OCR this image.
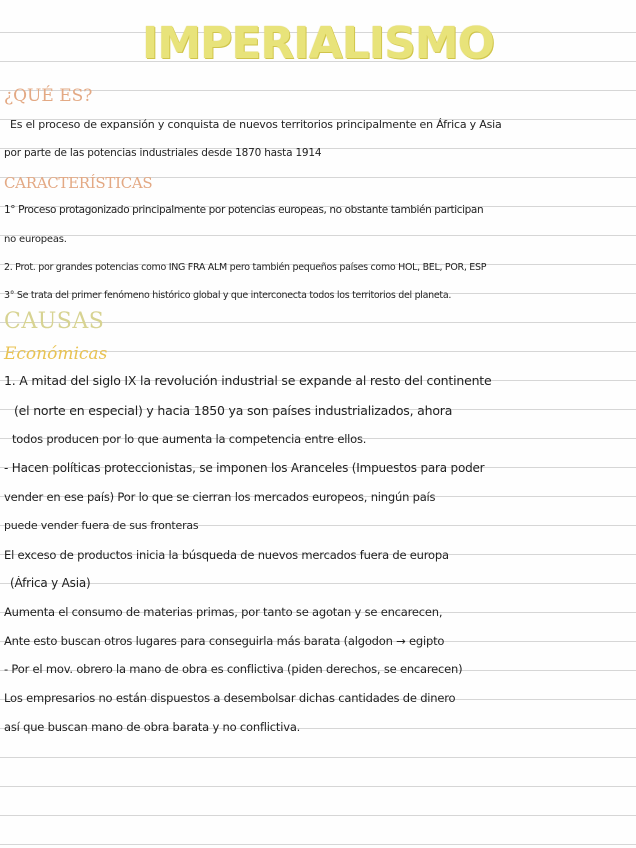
IMPERIALISMO
¿QUÉ ES?
Es el proceso de expansión y conquista de nuevos territorios principalmente en África y Asia
por parte de las potencias industriales desde 1870 hasta 1914
CARACTERÍSTICAS
1° Proceso protagonizado principalmente por potencias europeas, no obstante también participan
no europeas.
2. Prot. por grandes potencias como ING FRA ALM pero también pequeños países como HOL, BEL, POR, ESP
3° Se trata del primer fenómeno histórico global y que interconecta todos los territorios del planeta.
CAUSAS
Económicas
1. A mitad del siglo IX la revolución industrial se expande al resto del continente
(el norte en especial) y hacia 1850 ya son países industrializados, ahora
todos producen por lo que aumenta la competencia entre ellos.
- Hacen políticas proteccionistas, se imponen los Aranceles (Impuestos para poder
vender en ese país) Por lo que se cierran los mercados europeos, ningún país
puede vender fuera de sus fronteras
El exceso de productos inicia la búsqueda de nuevos mercados fuera de europa
(África y Asia)
Aumenta el consumo de materias primas, por tanto se agotan y se encarecen,
Ante esto buscan otros lugares para conseguirla más barata (algodon → egipto
- Por el mov. obrero la mano de obra es conflictiva (piden derechos, se encarecen)
Los empresarios no están dispuestos a desembolsar dichas cantidades de dinero
así que buscan mano de obra barata y no conflictiva.
